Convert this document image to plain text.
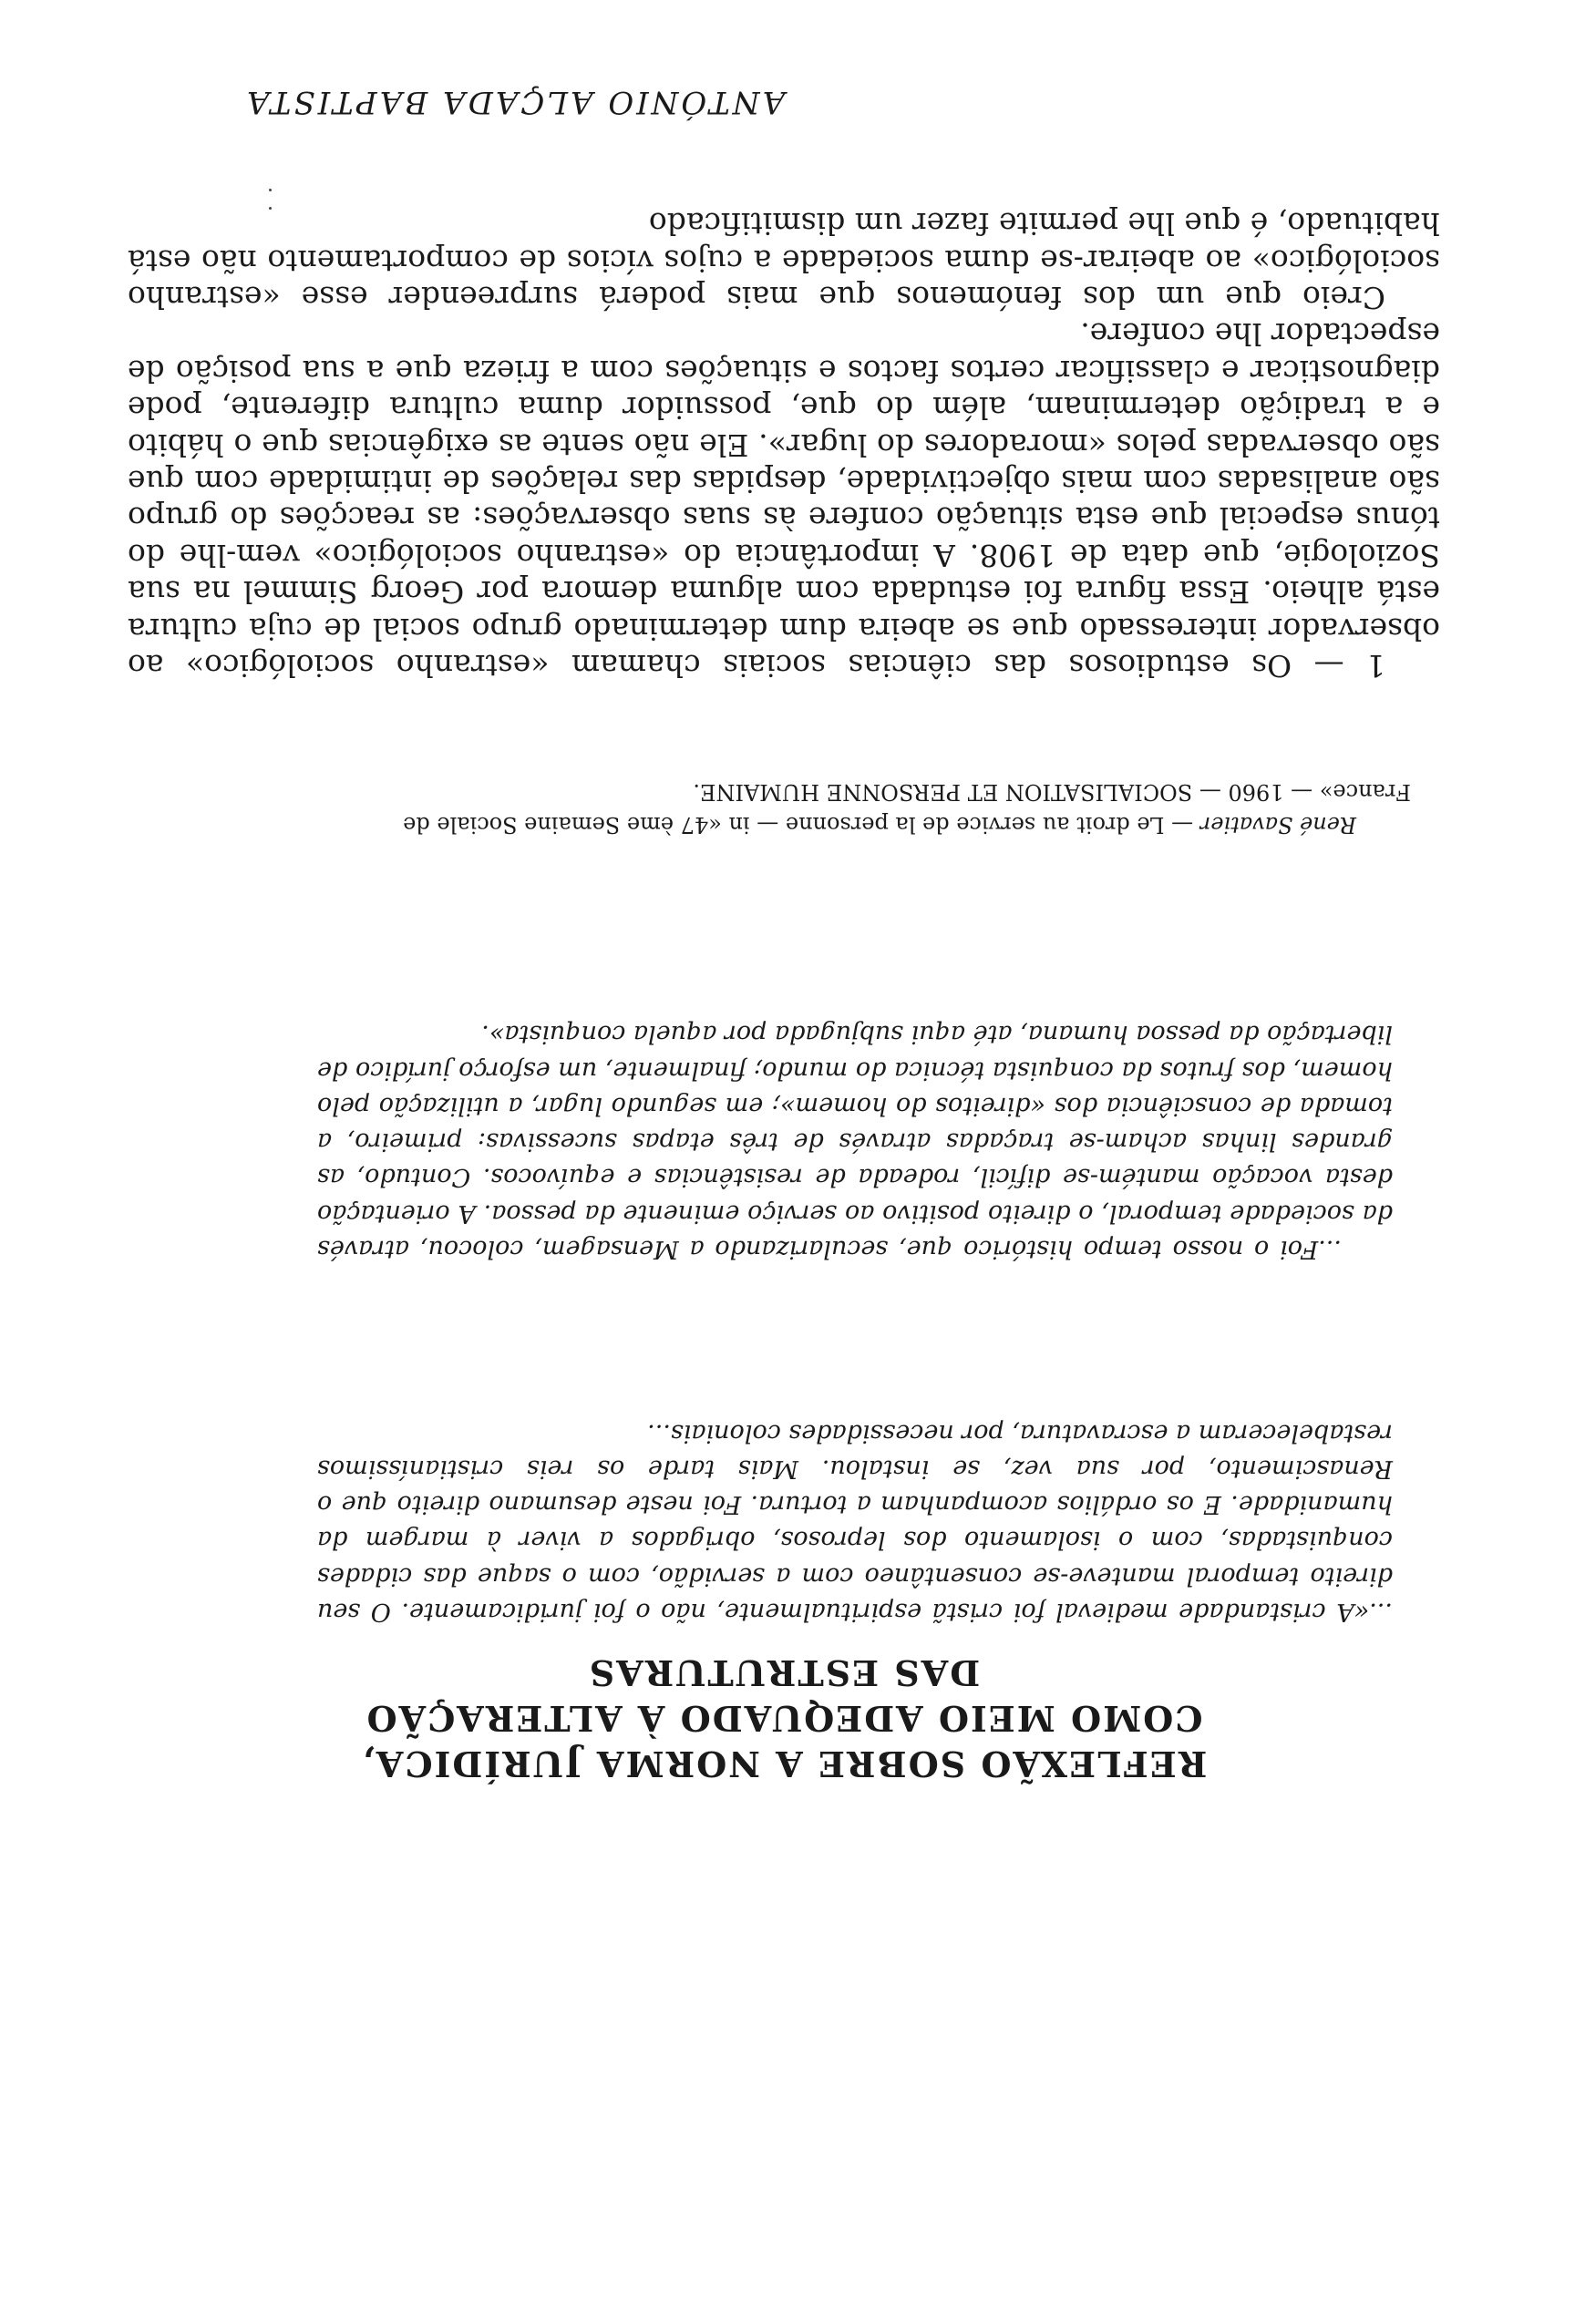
ANTÓNIO ALÇADA BAPTISTA
REFLEXÃO SOBRE A NORMA JURÍDICA,
COMO MEIO ADEQUADO À ALTERAÇÃO
DAS ESTRUTURAS

...«A cristandade medieval foi cristã espiritualmente, não o foi juridicamente. O seu direito temporal manteve-se consentâneo com a servidão, com o saque das cidades conquistadas, com o isolamento dos leprosos, obrigados a viver à margem da humanidade. E os ordálios acompanham a tortura. Foi neste desumano direito que o Renascimento, por sua vez, se instalou. Mais tarde os reis cristianíssimos restabeleceram a escravatura, por necessidades coloniais...

...Foi o nosso tempo histórico que, secularizando a Mensagem, colocou, através da sociedade temporal, o direito positivo ao serviço eminente da pessoa. A orientação desta vocação mantém-se difícil, rodeada de resistências e equívocos. Contudo, as grandes linhas acham-se traçadas através de três etapas sucessivas: primeiro, a tomada de consciência dos «direitos do homem»; em segundo lugar, a utilização pelo homem, dos frutos da conquista técnica do mundo; finalmente, um esforço jurídico de libertação da pessoa humana, até aqui subjugada por aquela conquista».

René Savatier — Le droit au service de la personne — in «47 ème Semaine Sociale de France» — 1960 — SOCIALISATION ET PERSONNE HUMAINE.

1 — Os estudiosos das ciências sociais chamam «estranho sociológico» ao observador interessado que se abeira dum determinado grupo social de cuja cultura está alheio. Essa figura foi estudada com alguma demora por Georg Simmel na sua Soziologie, que data de 1908. A importância do «estranho sociológico» vem-lhe do tónus especial que esta situação confere às suas observações: as reacções do grupo são analisadas com mais objectividade, despidas das relações de intimidade com que são observadas pelos «moradores do lugar». Ele não sente as exigências que o hábito e a tradição determinam, além do que, possuidor duma cultura diferente, pode diagnosticar e classificar certos factos e situações com a frieza que a sua posição de espectador lhe confere.

Creio que um dos fenómenos que mais poderá surpreender esse «estranho sociológico» ao abeirar-se duma sociedade a cujos vícios de comportamento não está habituado, é que lhe permite fazer um dismitificado
